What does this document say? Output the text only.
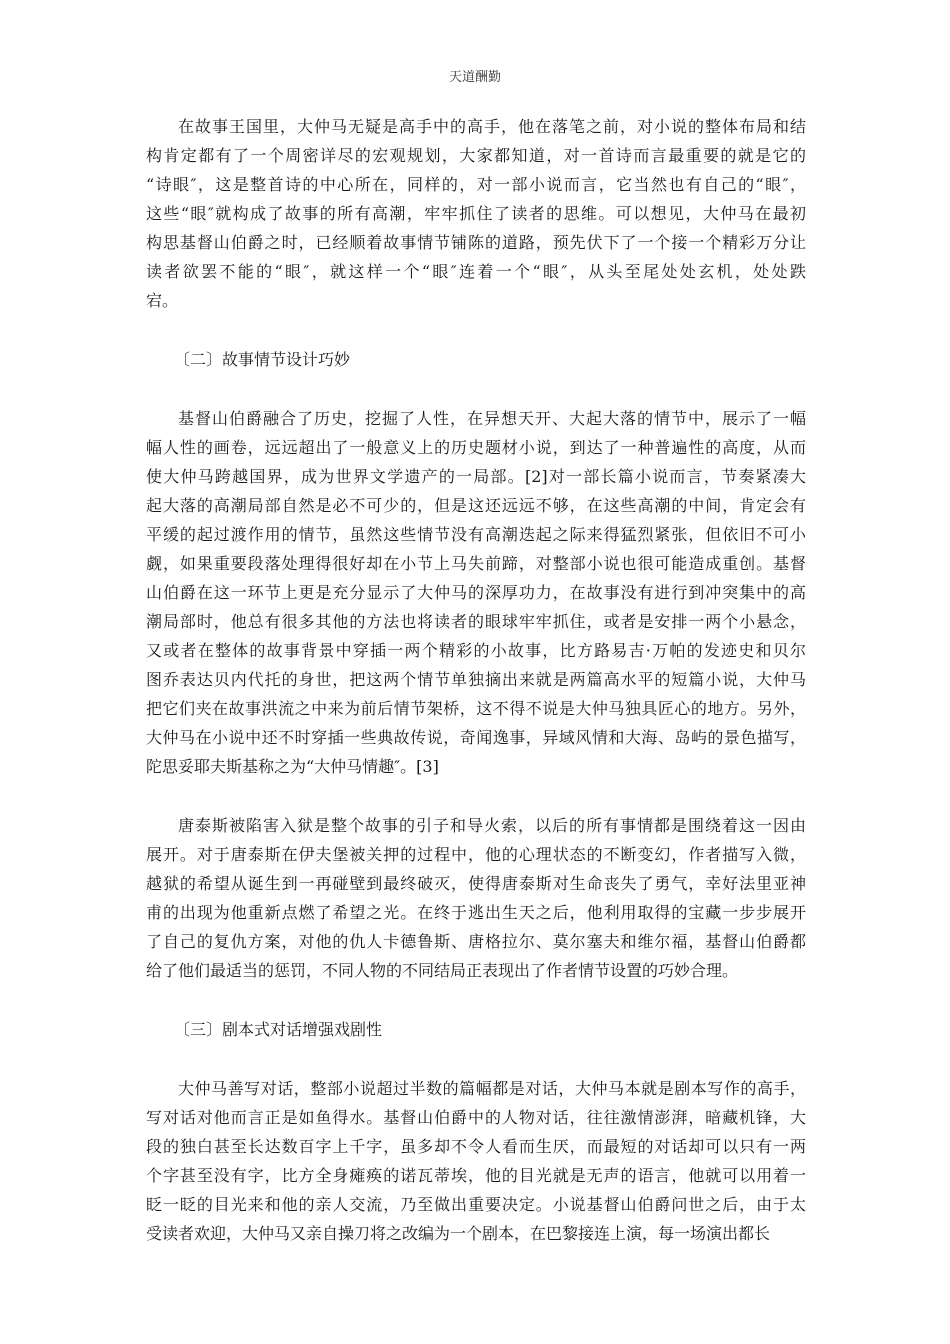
天道酬勤
在故事王国里，大仲马无疑是高手中的高手，他在落笔之前，对小说的整体布局和结
构肯定都有了一个周密详尽的宏观规划，大家都知道，对一首诗而言最重要的就是它的
“诗眼″，这是整首诗的中心所在，同样的，对一部小说而言，它当然也有自己的“眼″，
这些“眼″就构成了故事的所有高潮，牢牢抓住了读者的思维。可以想见，大仲马在最初
构思基督山伯爵之时，已经顺着故事情节铺陈的道路，预先伏下了一个接一个精彩万分让
读者欲罢不能的“眼″，就这样一个“眼″连着一个“眼″，从头至尾处处玄机，处处跌
宕。
〔二〕故事情节设计巧妙
基督山伯爵融合了历史，挖掘了人性，在异想天开、大起大落的情节中，展示了一幅
幅人性的画卷，远远超出了一般意义上的历史题材小说，到达了一种普遍性的高度，从而
使大仲马跨越国界，成为世界文学遗产的一局部。[2]对一部长篇小说而言，节奏紧凑大
起大落的高潮局部自然是必不可少的，但是这还远远不够，在这些高潮的中间，肯定会有
平缓的起过渡作用的情节，虽然这些情节没有高潮迭起之际来得猛烈紧张，但依旧不可小
觑，如果重要段落处理得很好却在小节上马失前蹄，对整部小说也很可能造成重创。基督
山伯爵在这一环节上更是充分显示了大仲马的深厚功力，在故事没有进行到冲突集中的高
潮局部时，他总有很多其他的方法也将读者的眼球牢牢抓住，或者是安排一两个小悬念，
又或者在整体的故事背景中穿插一两个精彩的小故事，比方路易吉·万帕的发迹史和贝尔
图乔表达贝内代托的身世，把这两个情节单独摘出来就是两篇高水平的短篇小说，大仲马
把它们夹在故事洪流之中来为前后情节架桥，这不得不说是大仲马独具匠心的地方。另外，
大仲马在小说中还不时穿插一些典故传说，奇闻逸事，异域风情和大海、岛屿的景色描写，
陀思妥耶夫斯基称之为“大仲马情趣″。[3]
唐泰斯被陷害入狱是整个故事的引子和导火索，以后的所有事情都是围绕着这一因由
展开。对于唐泰斯在伊夫堡被关押的过程中，他的心理状态的不断变幻，作者描写入微，
越狱的希望从诞生到一再碰壁到最终破灭，使得唐泰斯对生命丧失了勇气，幸好法里亚神
甫的出现为他重新点燃了希望之光。在终于逃出生天之后，他利用取得的宝藏一步步展开
了自己的复仇方案，对他的仇人卡德鲁斯、唐格拉尔、莫尔塞夫和维尔福，基督山伯爵都
给了他们最适当的惩罚，不同人物的不同结局正表现出了作者情节设置的巧妙合理。
〔三〕剧本式对话增强戏剧性
大仲马善写对话，整部小说超过半数的篇幅都是对话，大仲马本就是剧本写作的高手，
写对话对他而言正是如鱼得水。基督山伯爵中的人物对话，往往激情澎湃，暗藏机锋，大
段的独白甚至长达数百字上千字，虽多却不令人看而生厌，而最短的对话却可以只有一两
个字甚至没有字，比方全身瘫痪的诺瓦蒂埃，他的目光就是无声的语言，他就可以用着一
眨一眨的目光来和他的亲人交流，乃至做出重要决定。小说基督山伯爵问世之后，由于太
受读者欢迎，大仲马又亲自操刀将之改编为一个剧本，在巴黎接连上演，每一场演出都长
